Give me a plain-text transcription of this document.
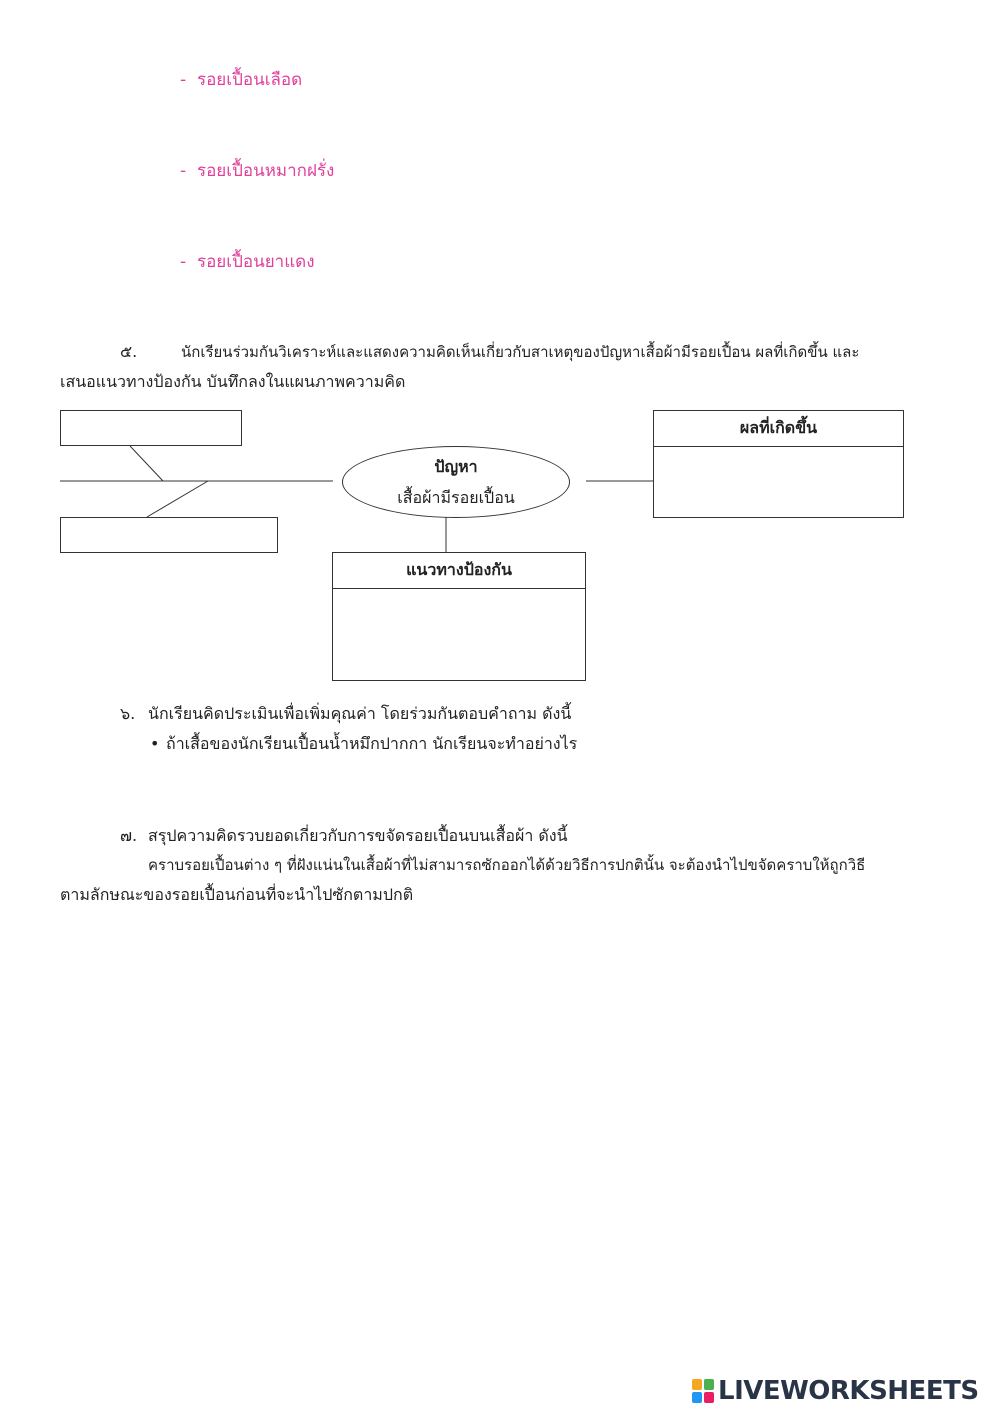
- รอยเปื้อนเลือด
- รอยเปื้อนหมากฝรั่ง
- รอยเปื้อนยาแดง
๕.	นักเรียนร่วมกันวิเคราะห์และแสดงความคิดเห็นเกี่ยวกับสาเหตุของปัญหาเสื้อผ้ามีรอยเปื้อน ผลที่เกิดขึ้น และ
เสนอแนวทางป้องกัน บันทึกลงในแผนภาพความคิด
ปัญหา
เสื้อผ้ามีรอยเปื้อน
ผลที่เกิดขึ้น
แนวทางป้องกัน
๖. นักเรียนคิดประเมินเพื่อเพิ่มคุณค่า โดยร่วมกันตอบคำถาม ดังนี้
• ถ้าเสื้อของนักเรียนเปื้อนน้ำหมึกปากกา นักเรียนจะทำอย่างไร
๗. สรุปความคิดรวบยอดเกี่ยวกับการขจัดรอยเปื้อนบนเสื้อผ้า ดังนี้
คราบรอยเปื้อนต่าง ๆ ที่ฝังแน่นในเสื้อผ้าที่ไม่สามารถซักออกได้ด้วยวิธีการปกตินั้น จะต้องนำไปขจัดคราบให้ถูกวิธี
ตามลักษณะของรอยเปื้อนก่อนที่จะนำไปซักตามปกติ
LIVEWORKSHEETS
